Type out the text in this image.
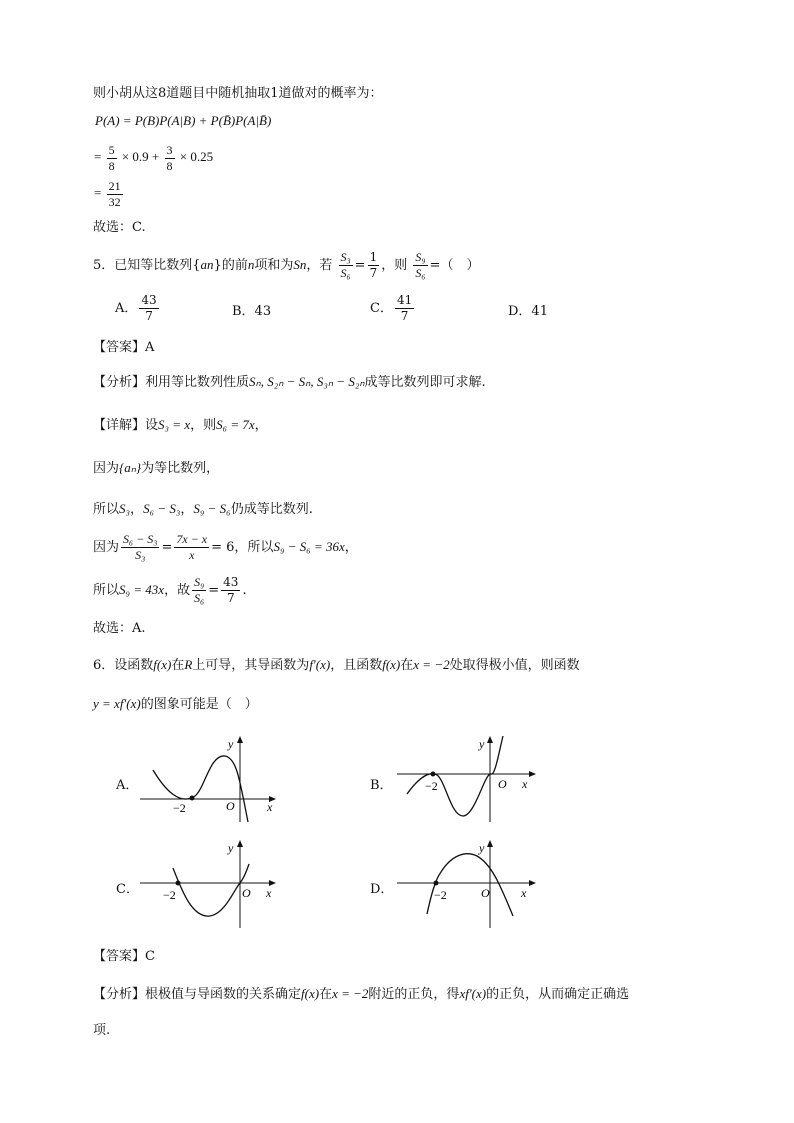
则小胡从这8道题目中随机抽取1道做对的概率为：
P(A) = P(B)P(A|B) + P(B̄)P(A|B̄)
= $\frac{5}{8} \times 0.9 + \frac{3}{8} \times 0.25$
= $\frac{21}{32}$
故选：C.
5．已知等比数列{an}的前n项和为Sn，若 $\frac{\text{S₃}}{\text{S₆}} = \frac{1}{7}$ ，则 $\frac{\text{S₉}}{\text{S₆}}$ =（　）
A． $\frac{43}{7}$	B．43	C． $\frac{41}{7}$	D．41
【答案】A
【分析】利用等比数列性质Sₙ, S₂ₙ − Sₙ, S₃ₙ − S₂ₙ成等比数列即可求解.
【详解】设S₃ = x，则S₆ = 7x，
因为{aₙ}为等比数列，
所以S₃，S₆ − S₃，S₉ − S₆仍成等比数列.
因为 $\frac{\text{S₆ − S₃}}{\text{S₃}} = \frac{7x - x}{x} = 6$，所以S₉ − S₆ = 36x，
所以S₉ = 43x，故 $\frac{\text{S₉}}{\text{S₆}} = \frac{43}{7}$ .
故选：A.
6．设函数f(x)在R上可导，其导函数为f′(x)，且函数f(x)在x = −2处取得极小值，则函数
y = xf′(x)的图象可能是（　）
A．
−2	O	x
y
B．	−2	O x
y
C． −2	O x
y
D．	−2	O	x
y
【答案】C
【分析】根极值与导函数的关系确定f(x)在x = −2附近的正负，得xf′(x)的正负，从而确定正确选
项.
